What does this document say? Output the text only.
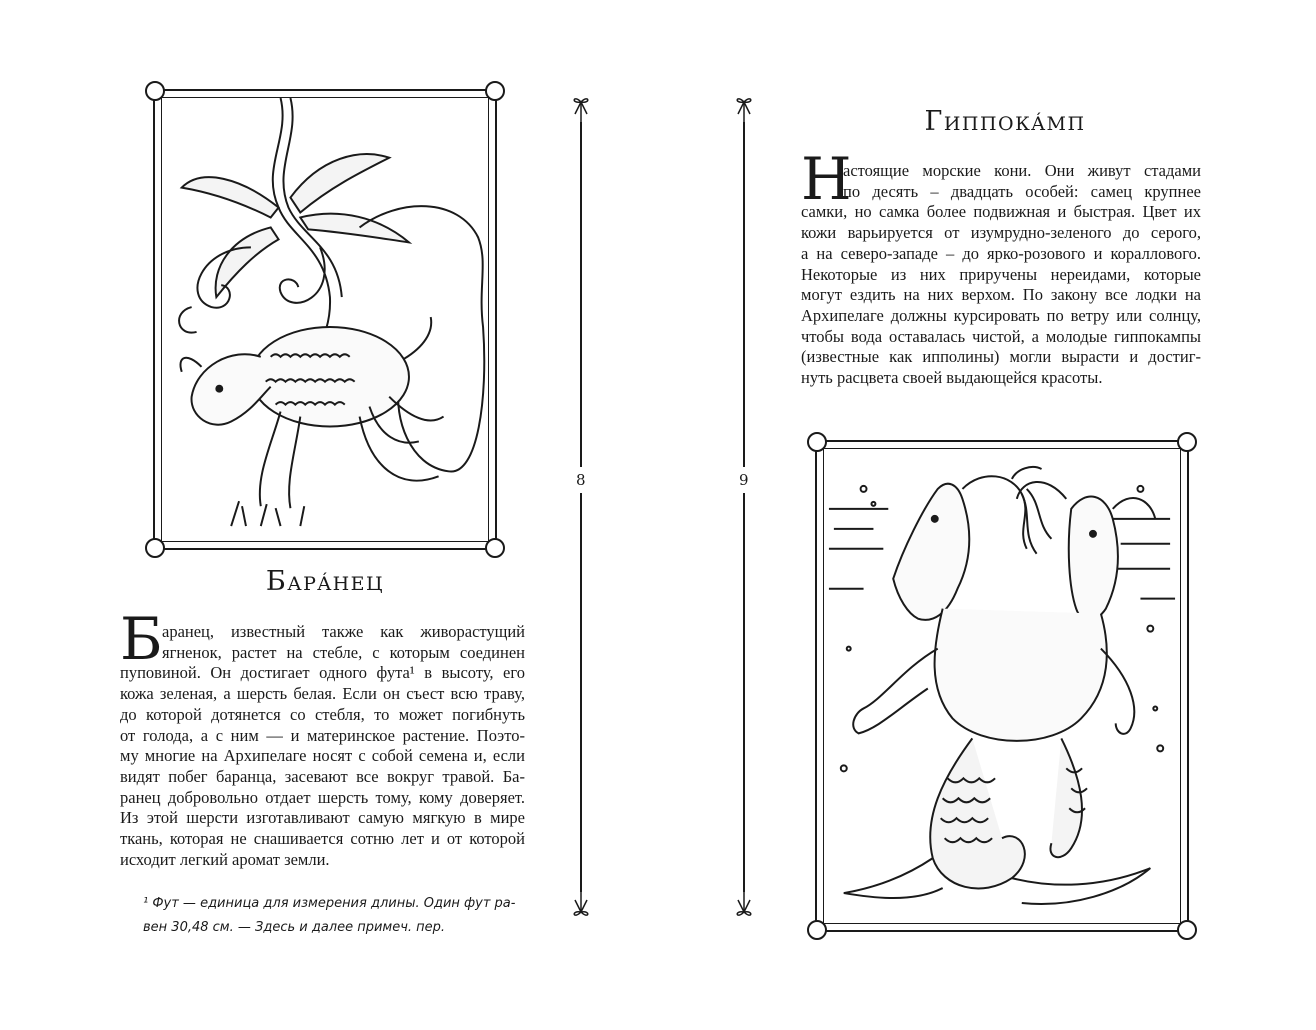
Барáнец
Б аранец, известный также как живорастущий
ягненок, растет на стебле, с которым соединен
пуповиной. Он достигает одного фута¹ в высоту, его
кожа зеленая, а шерсть белая. Если он съест всю траву,
до которой дотянется со стебля, то может погибнуть
от голода, а с ним — и материнское растение. Поэто-
му многие на Архипелаге носят с собой семена и, если
видят побег баранца, засевают все вокруг травой. Ба-
ранец добровольно отдает шерсть тому, кому доверяет.
Из этой шерсти изготавливают самую мягкую в мире
ткань, которая не снашивается сотню лет и от которой
исходит легкий аромат земли.
¹ Фут — единица для измерения длины. Один фут ра-
вен 30,48 см. — Здесь и далее примеч. пер.
8	9
Гиппокáмп
Н
астоящие морские кони. Они живут стадами
по десять – двадцать особей: самец крупнее
самки, но самка более подвижная и быстрая. Цвет их
кожи варьируется от изумрудно-зеленого до серого,
а на северо-западе – до ярко-розового и кораллового.
Некоторые из них приручены нереидами, которые
могут ездить на них верхом. По закону все лодки на
Архипелаге должны курсировать по ветру или солнцу,
чтобы вода оставалась чистой, а молодые гиппокампы
(известные как ипполины) могли вырасти и достиг-
нуть расцвета своей выдающейся красоты.
